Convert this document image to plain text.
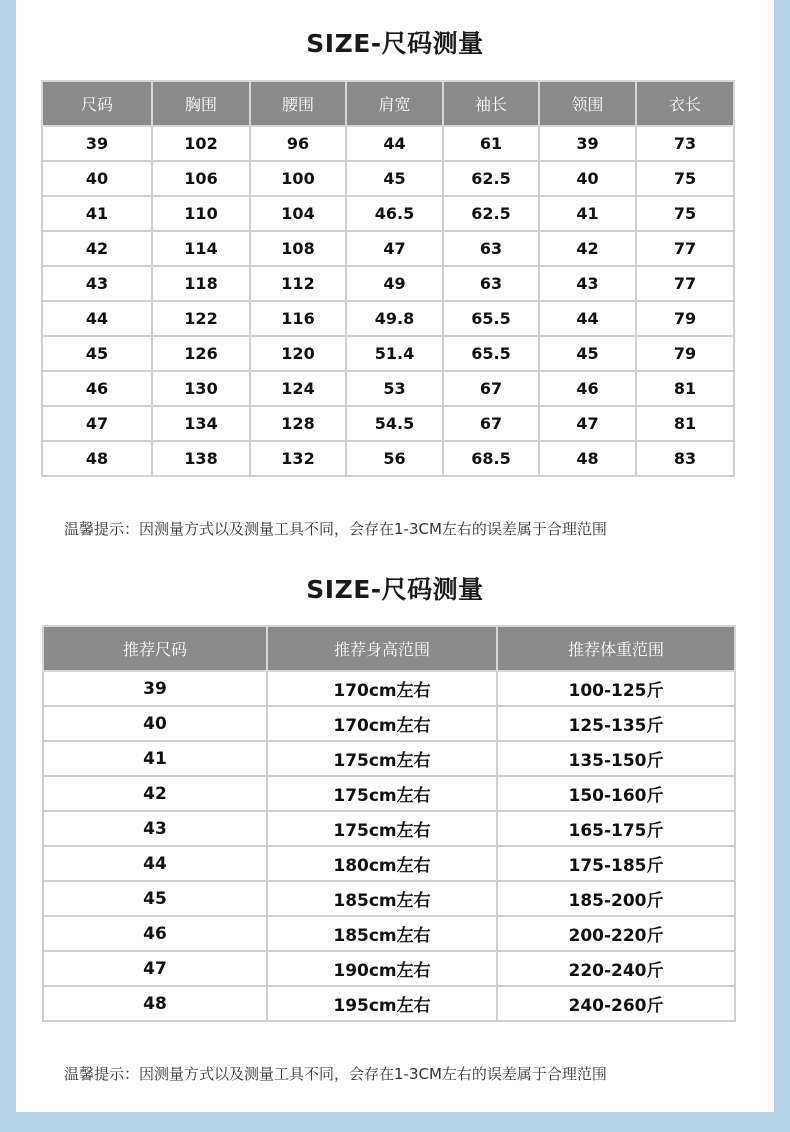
SIZE-尺码测量
尺码	胸围	腰围	肩宽	袖长	领围	衣长
39	102	96	44	61	39	73
40	106	100	45	62.5	40	75
41	110	104	46.5	62.5	41	75
42	114	108	47	63	42	77
43	118	112	49	63	43	77
44	122	116	49.8	65.5	44	79
45	126	120	51.4	65.5	45	79
46	130	124	53	67	46	81
47	134	128	54.5	67	47	81
48	138	132	56	68.5	48	83
温馨提示：因测量方式以及测量工具不同，会存在1-3CM左右的误差属于合理范围
SIZE-尺码测量
推荐尺码	推荐身高范围	推荐体重范围
39	170cm左右	100-125斤
40	170cm左右	125-135斤
41	175cm左右	135-150斤
42	175cm左右	150-160斤
43	175cm左右	165-175斤
44	180cm左右	175-185斤
45	185cm左右	185-200斤
46	185cm左右	200-220斤
47	190cm左右	220-240斤
48	195cm左右	240-260斤
温馨提示：因测量方式以及测量工具不同，会存在1-3CM左右的误差属于合理范围
